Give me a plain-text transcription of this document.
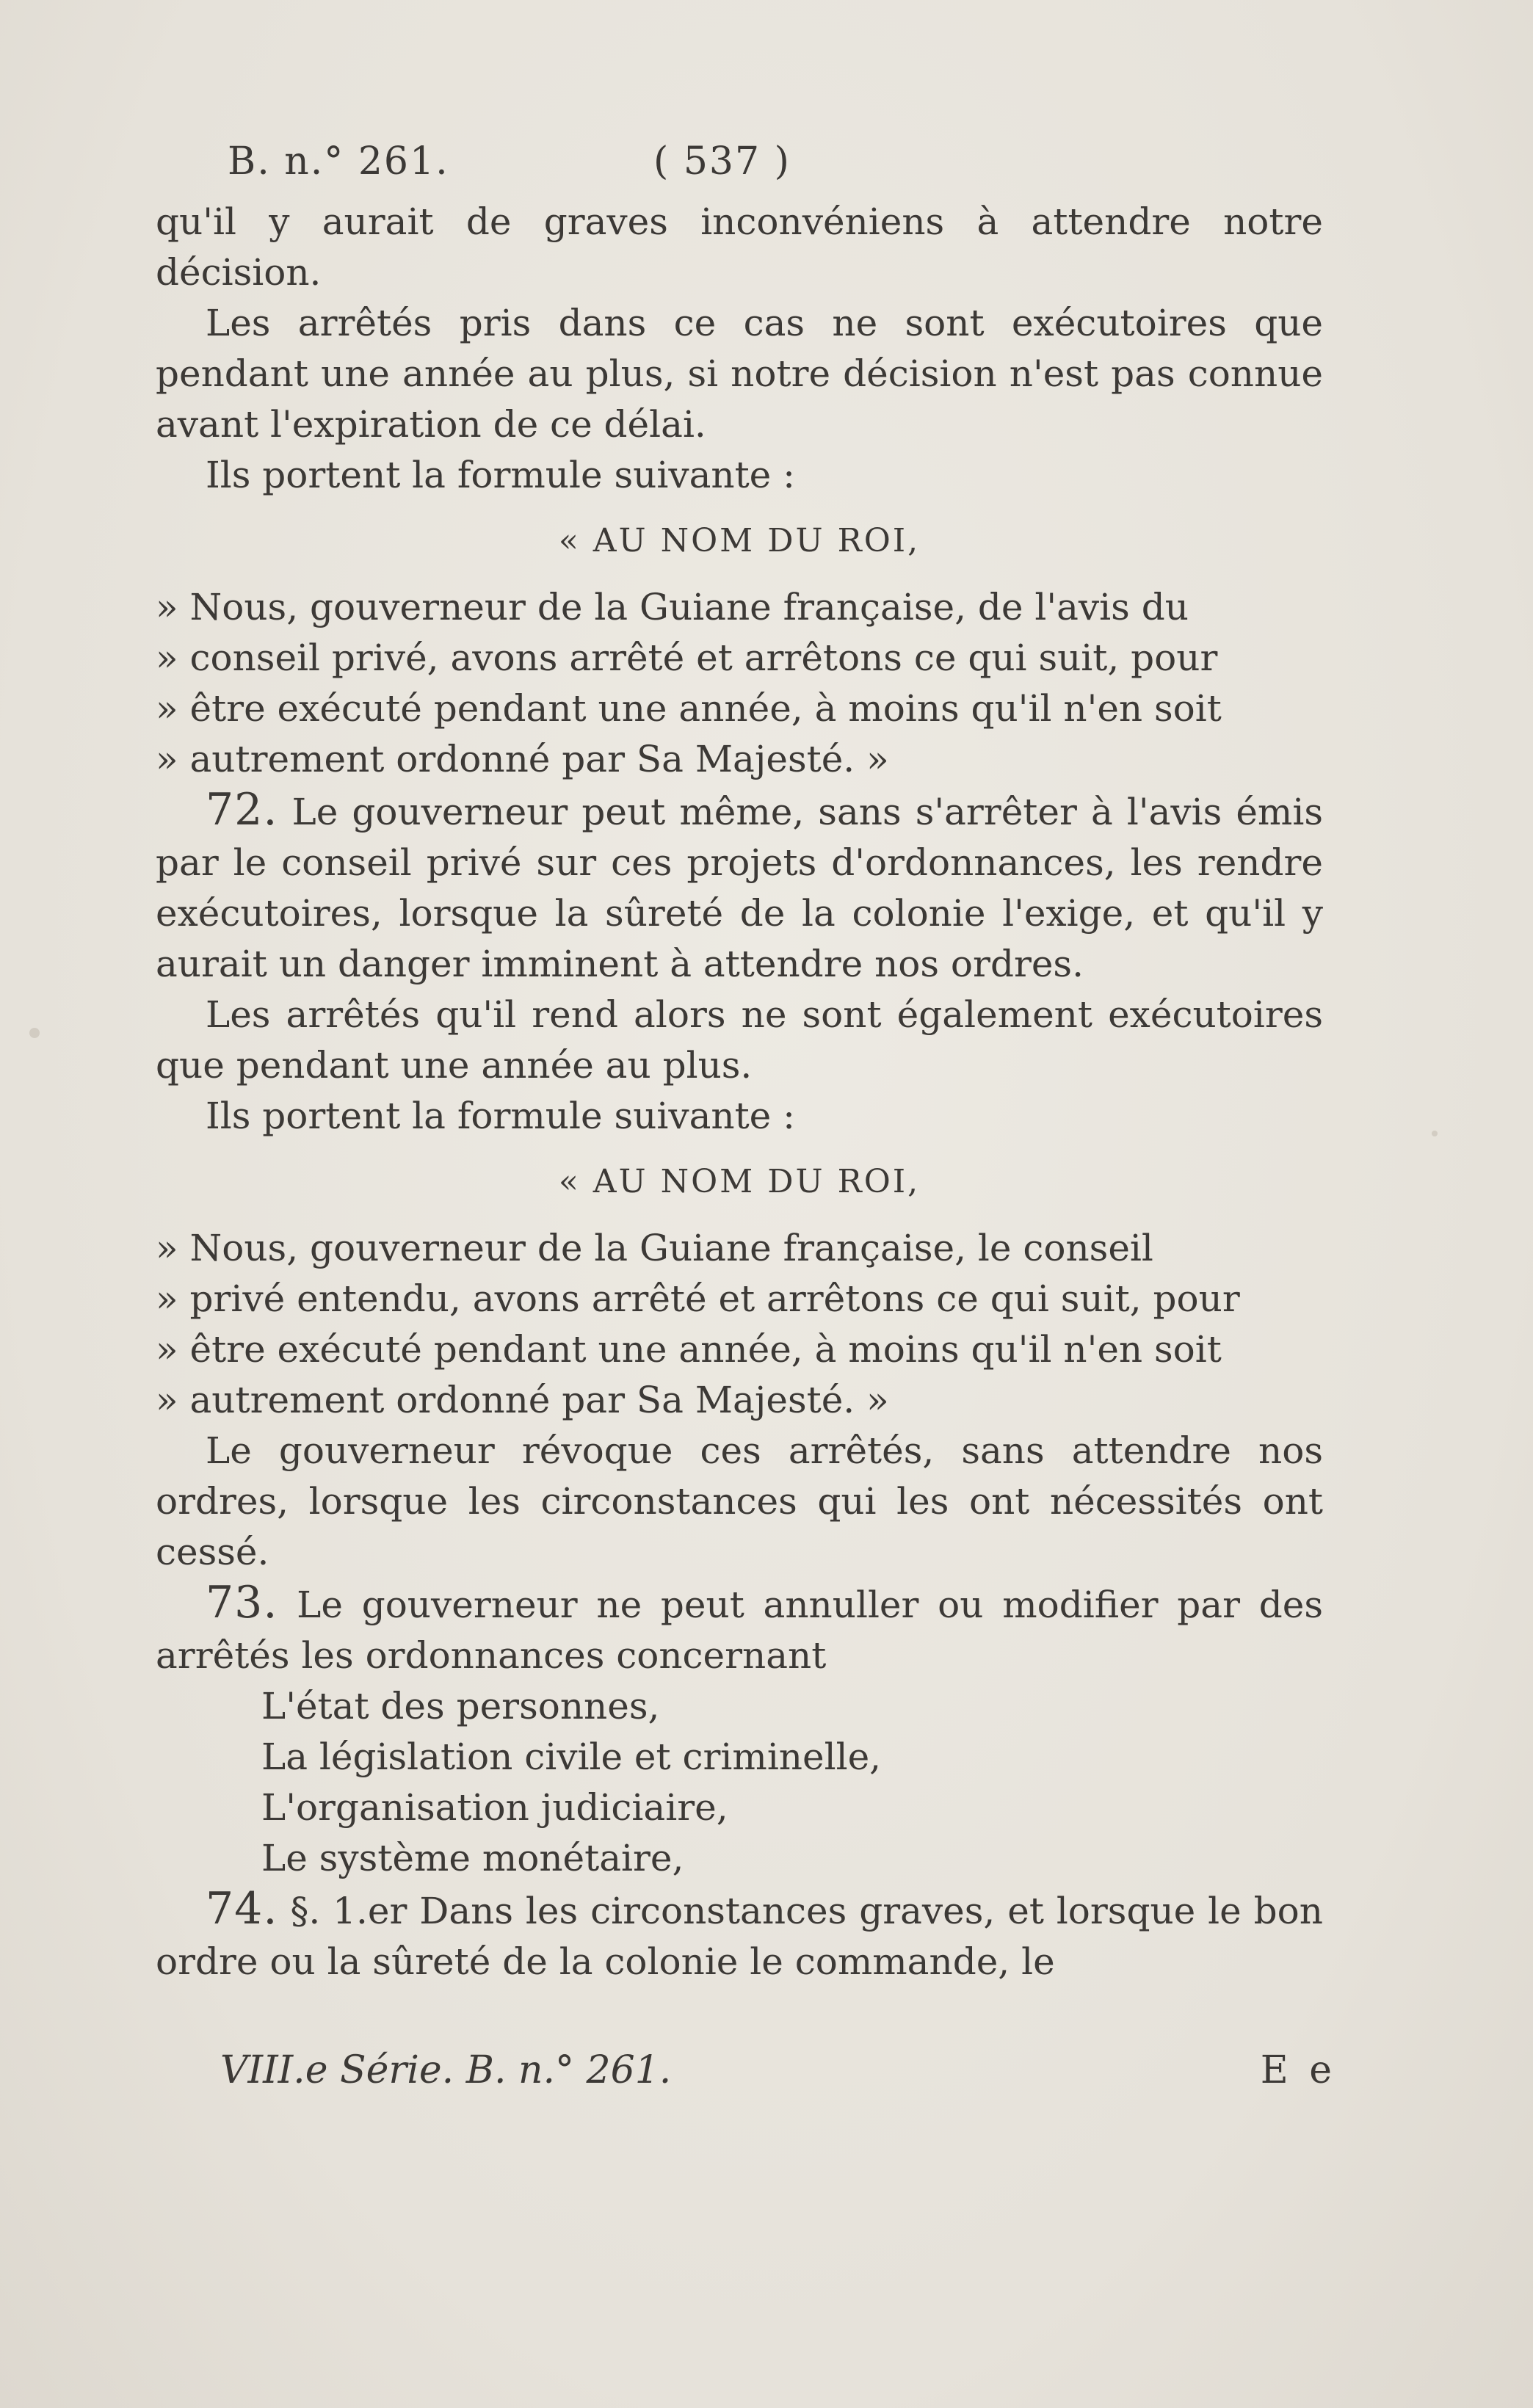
B. n.° 261.	( 537 )

qu'il y aurait de graves inconvéniens à attendre notre décision.

Les arrêtés pris dans ce cas ne sont exécutoires que pendant une année au plus, si notre décision n'est pas connue avant l'expiration de ce délai.

Ils portent la formule suivante :

« AU NOM DU ROI,

» Nous, gouverneur de la Guiane française, de l'avis du
» conseil privé, avons arrêté et arrêtons ce qui suit, pour
» être exécuté pendant une année, à moins qu'il n'en soit
» autrement ordonné par Sa Majesté. »

72. Le gouverneur peut même, sans s'arrêter à l'avis émis par le conseil privé sur ces projets d'ordonnances, les rendre exécutoires, lorsque la sûreté de la colonie l'exige, et qu'il y aurait un danger imminent à attendre nos ordres.

Les arrêtés qu'il rend alors ne sont également exécutoires que pendant une année au plus.

Ils portent la formule suivante :

« AU NOM DU ROI,

» Nous, gouverneur de la Guiane française, le conseil
» privé entendu, avons arrêté et arrêtons ce qui suit, pour
» être exécuté pendant une année, à moins qu'il n'en soit
» autrement ordonné par Sa Majesté. »

Le gouverneur révoque ces arrêtés, sans attendre nos ordres, lorsque les circonstances qui les ont nécessités ont cessé.

73. Le gouverneur ne peut annuller ou modifier par des arrêtés les ordonnances concernant

L'état des personnes,
La législation civile et criminelle,
L'organisation judiciaire,
Le système monétaire,

74. §. 1.er Dans les circonstances graves, et lorsque le bon ordre ou la sûreté de la colonie le commande, le

VIII.e Série. B. n.° 261.	E e
